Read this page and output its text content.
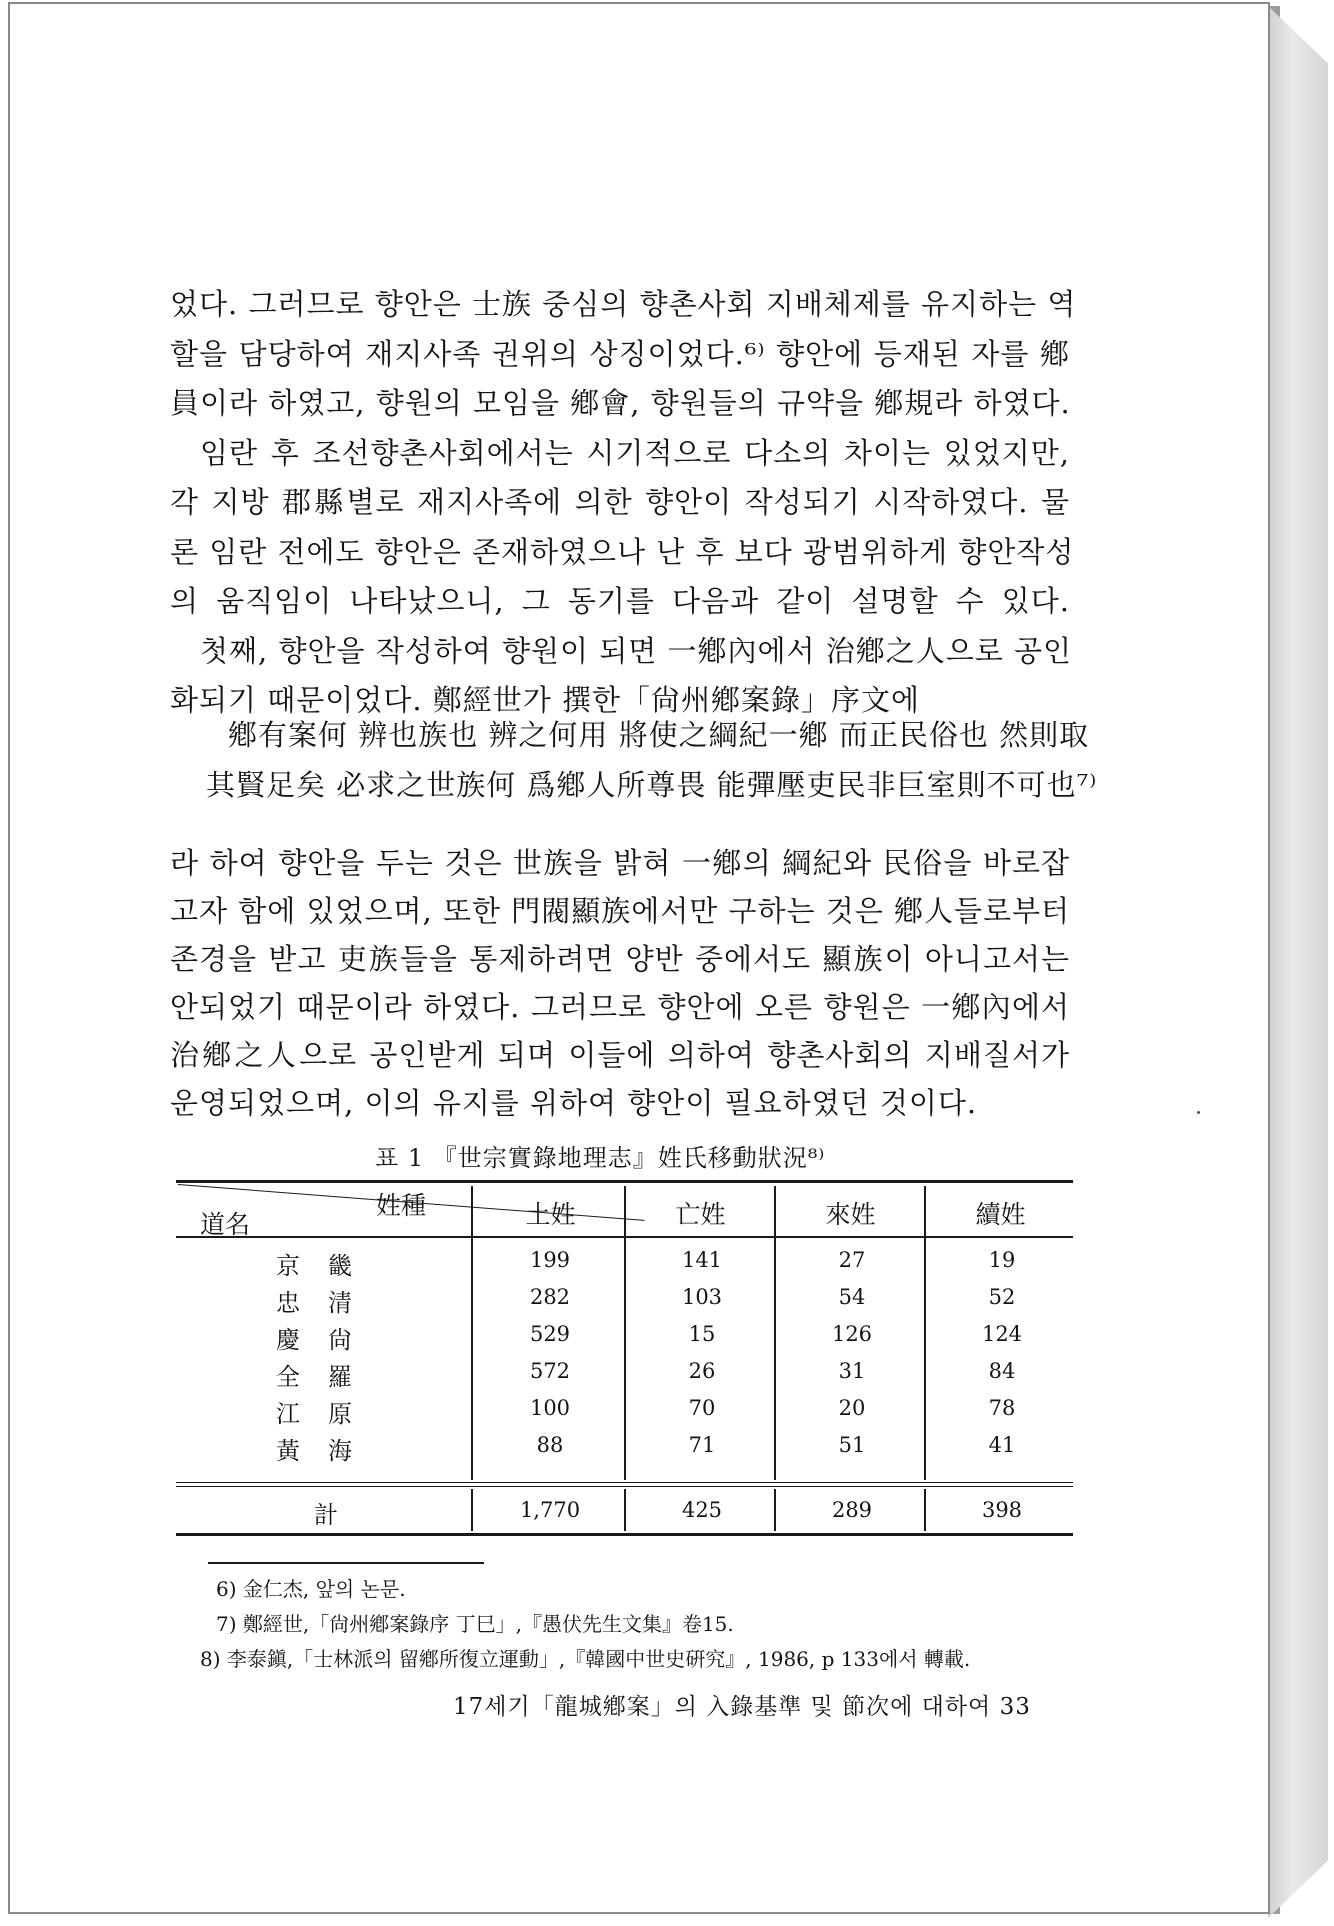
었다. 그러므로 향안은 士族 중심의 향촌사회 지배체제를 유지하는 역
할을 담당하여 재지사족 권위의 상징이었다.⁶⁾ 향안에 등재된 자를 鄕
員이라 하였고, 향원의 모임을 鄕會, 향원들의 규약을 鄕規라 하였다.
임란 후 조선향촌사회에서는 시기적으로 다소의 차이는 있었지만,
각 지방 郡縣별로 재지사족에 의한 향안이 작성되기 시작하였다. 물
론 임란 전에도 향안은 존재하였으나 난 후 보다 광범위하게 향안작성
의 움직임이 나타났으니, 그 동기를 다음과 같이 설명할 수 있다.
첫째, 향안을 작성하여 향원이 되면 一鄕內에서 治鄕之人으로 공인
화되기 때문이었다. 鄭經世가 撰한「尙州鄕案錄」序文에
鄕有案何 辨也族也 辨之何用 將使之綱紀一鄕 而正民俗也 然則取
其賢足矣 必求之世族何 爲鄕人所尊畏 能彈壓吏民非巨室則不可也⁷⁾
라 하여 향안을 두는 것은 世族을 밝혀 一鄕의 綱紀와 民俗을 바로잡
고자 함에 있었으며, 또한 門閥顯族에서만 구하는 것은 鄕人들로부터
존경을 받고 吏族들을 통제하려면 양반 중에서도 顯族이 아니고서는
안되었기 때문이라 하였다. 그러므로 향안에 오른 향원은 一鄕內에서
治鄕之人으로 공인받게 되며 이들에 의하여 향촌사회의 지배질서가
운영되었으며, 이의 유지를 위하여 향안이 필요하였던 것이다.
표 1 『世宗實錄地理志』姓氏移動狀況⁸⁾
姓種
道名	土姓	亡姓	來姓	續姓
京畿	199	141	27	19
忠清	282	103	54	52
慶尙	529	15	126	124
全羅	572	26	31	84
江原	100	70	20	78
黃海	88	71	51	41
計	1,770	425	289	398
6) 金仁杰, 앞의 논문.
7) 鄭經世,「尙州鄕案錄序 丁巳」,『愚伏先生文集』卷15.
8) 李泰鎭,「士林派의 留鄕所復立運動」,『韓國中世史硏究』, 1986, p 133에서 轉載.
17세기「龍城鄕案」의 入錄基準 및 節次에 대하여 33
